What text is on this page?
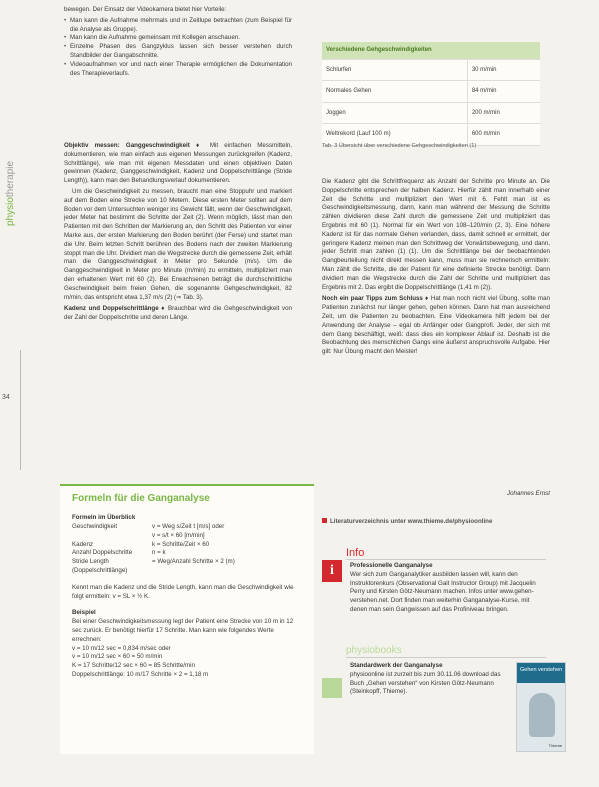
physiotherapie
34

bewegen. Der Einsatz der Videokamera bietet hier Vorteile:

• Man kann die Aufnahme mehrmals und in Zeitlupe betrachten (zum Beispiel für die Analyse als Gruppe).
• Man kann die Aufnahme gemeinsam mit Kollegen anschauen.
• Einzelne Phasen des Gangzyklus lassen sich besser verstehen durch Standbilder der Gangabschnitte.
• Videoaufnahmen vor und nach einer Therapie ermöglichen die Dokumentation des Therapieverlaufs.

Objektiv messen: Ganggeschwindigkeit ♦ Mit einfachen Messmitteln, dokumentieren, wie man einfach aus eigenen Messungen zurückgreifen (Kadenz, Schrittlänge), wie man mit eigenen Messdaten und einen objektiven Daten gewinnen (Kadenz, Ganggeschwindigkeit, Kadenz und Doppelschrittlänge (Stride Length)), kann man den Behandlungsverlauf dokumentieren.

Um die Geschwindigkeit zu messen, braucht man eine Stoppuhr und markiert auf dem Boden eine Strecke von 10 Metern. Diese ersten Meter sollten auf dem Boden vor dem Untersuchten weniger ins Gewicht fällt, wenn der Geschwindigkeit, jeder Meter hat bestimmt die Schritte der Zeit (2). Wenn möglich, lässt man den Patienten mit den Schritten der Markierung an, den Schritt des Patienten vor einer Marke aus, der ersten Markierung den Boden berührt (der Ferse) und startet man die Uhr. Beim letzten Schritt berühren des Bodens nach der zweiten Markierung stoppt man die Uhr. Dividiert man die Wegstrecke durch die gemessene Zeit, erhält man die Ganggeschwindigkeit in Meter pro Sekunde (m/s). Um die Ganggeschwindigkeit in Meter pro Minute (m/min) zu ermitteln, multipliziert man den erhaltenen Wert mit 60 (2). Bei Erwachsenen beträgt die durchschnittliche Geschwindigkeit beim freien Gehen, die sogenannte Gehgeschwindigkeit, 82 m/min, das entspricht etwa 1,37 m/s (2) (⇒ Tab. 3).

Kadenz und Doppelschrittlänge ♦ Brauchbar wird die Gehgeschwindigkeit von der Zahl der Doppelschritte und deren Länge.

Formeln für die Ganganalyse
Formeln im Überblick
Geschwindigkeit	v = Weg s/Zeit t [m/s] oder
v = s/t × 60 [m/min]
Kadenz	k = Schritte/Zeit × 60
Anzahl Doppelschritte	n = k
Stride Length (Doppelschrittlänge)
= Weg/Anzahl Schritte × 2 (m)

Kennt man die Kadenz und die Stride Length, kann man die Geschwindigkeit wie folgt ermitteln: v = SL × ½ K.

Beispiel

Bei einer Geschwindigkeitsmessung legt der Patient eine Strecke von 10 m in 12 sec zurück. Er benötigt hierfür 17 Schritte. Man kann wie folgendes Werte errechnen:

v = 10 m/12 sec = 0,834 m/sec oder
v = 10 m/12 sec × 60 = 50 m/min
K = 17 Schritte/12 sec × 60 = 85 Schritte/min
Doppelschrittlänge: 10 m/17 Schritte × 2 = 1,18 m
Verschiedene Gehgeschwindigkeiten	
Schlurfen	30 m/min
Normales Gehen	84 m/min
Joggen	200 m/min
Weltrekord (Lauf 100 m)	600 m/min
Tab. 3 Übersicht über verschiedene Gehgeschwindigkeiten (1)

Die Kadenz gibt die Schrittfrequenz als Anzahl der Schritte pro Minute an. Die Doppelschritte entsprechen der halben Kadenz. Hierfür zählt man innerhalb einer Zeit die Schritte und multipliziert den Wert mit 6. Fehlt man ist es Geschwindigkeitsmessung, dann, kann man während der Messung die Schritte zählen dividieren diese Zahl durch die gemessene Zeit und multipliziert das Ergebnis mit 60 (1). Normal für ein Wert von 108–120/min (2, 3). Eine höhere Kadenz ist für das normale Gehen verlanden, dass, damit schnell er ermittelt, der geringere Kadenz meinen man den Schrittweg der Vorwärtsbewegung, und dann, jeder Schritt man zahlen (1) (1). Um die Schrittlänge bei der beobachtenden Gangbeurteilung nicht direkt messen kann, muss man sie rechnerisch ermitteln: Man zählt die Schritte, die der Patient für eine definierte Strecke benötigt. Dann dividiert man die Wegstrecke durch die Zahl der Schritte und multipliziert das Ergebnis mit 2. Das ergibt die Doppelschrittlänge (1,41 m (2)).

Noch ein paar Tipps zum Schluss ♦ Hat man noch nicht viel Übung, sollte man Patienten zunächst nur länger gehen, gehen können. Dann hat man ausreichend Zeit, um die Patienten zu beobachten. Eine Videokamera hilft jedem bei der Anwendung der Analyse – egal ob Anfänger oder Gangprofi. Jeder, der sich mit dem Gang beschäftigt, weiß: dass dies ein komplexer Ablauf ist. Deshalb ist die Beobachtung des menschlichen Gangs eine äußerst anspruchsvolle Aufgabe. Hier gilt: Nur Übung macht den Meister!

Johannes Ernst
Literaturverzeichnis unter www.thieme.de/physioonline
Info
i	Professionelle Ganganalyse
Wer sich zum Ganganalytiker ausbilden lassen will, kann den Instruktorenkurs (Observational Gait Instructor Group) mit Jacquelin Perry und Kirsten Götz-Neumann machen. Infos unter www.gehen-verstehen.net. Dort finden man weiterhin Ganganalyse-Kurse, mit denen man sein Gangwissen auf das Profiniveau bringen.
physiobooks
Standardwerk der Ganganalyse
physioonline ist zurzeit bis zum 30.11.06 download das Buch „Gehen verstehen“ von Kirsten Götz-Neumann (Steinkopff, Thieme).
Gehen verstehen
Thieme
